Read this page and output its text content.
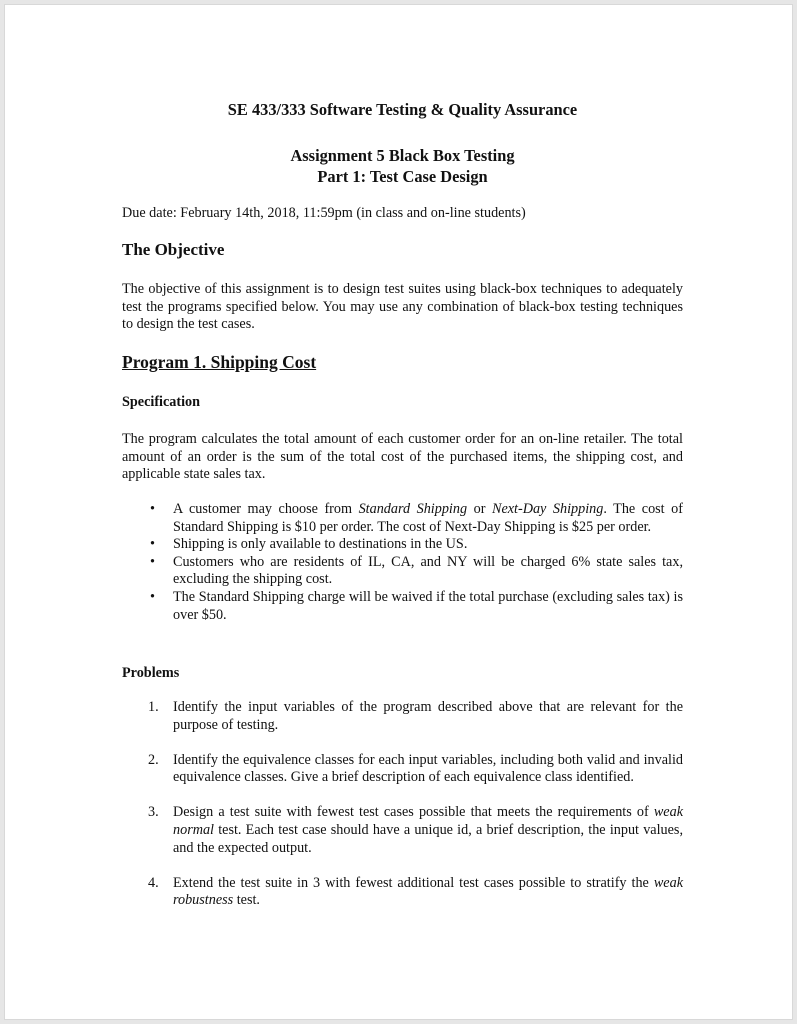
SE 433/333 Software Testing & Quality Assurance
Assignment 5 Black Box Testing
Part 1: Test Case Design
Due date: February 14th, 2018, 11:59pm (in class and on-line students)
The Objective
The objective of this assignment is to design test suites using black-box techniques to adequately test the programs specified below. You may use any combination of black-box testing techniques to design the test cases.
Program 1. Shipping Cost
Specification
The program calculates the total amount of each customer order for an on-line retailer. The total amount of an order is the sum of the total cost of the purchased items, the shipping cost, and applicable state sales tax.
• A customer may choose from Standard Shipping or Next-Day Shipping. The cost of Standard Shipping is $10 per order. The cost of Next-Day Shipping is $25 per order.
• Shipping is only available to destinations in the US.
• Customers who are residents of IL, CA, and NY will be charged 6% state sales tax, excluding the shipping cost.
• The Standard Shipping charge will be waived if the total purchase (excluding sales tax) is over $50.
Problems
1. Identify the input variables of the program described above that are relevant for the purpose of testing.
2. Identify the equivalence classes for each input variables, including both valid and invalid equivalence classes. Give a brief description of each equivalence class identified.
3. Design a test suite with fewest test cases possible that meets the requirements of weak normal test. Each test case should have a unique id, a brief description, the input values, and the expected output.
4. Extend the test suite in 3 with fewest additional test cases possible to stratify the weak robustness test.
